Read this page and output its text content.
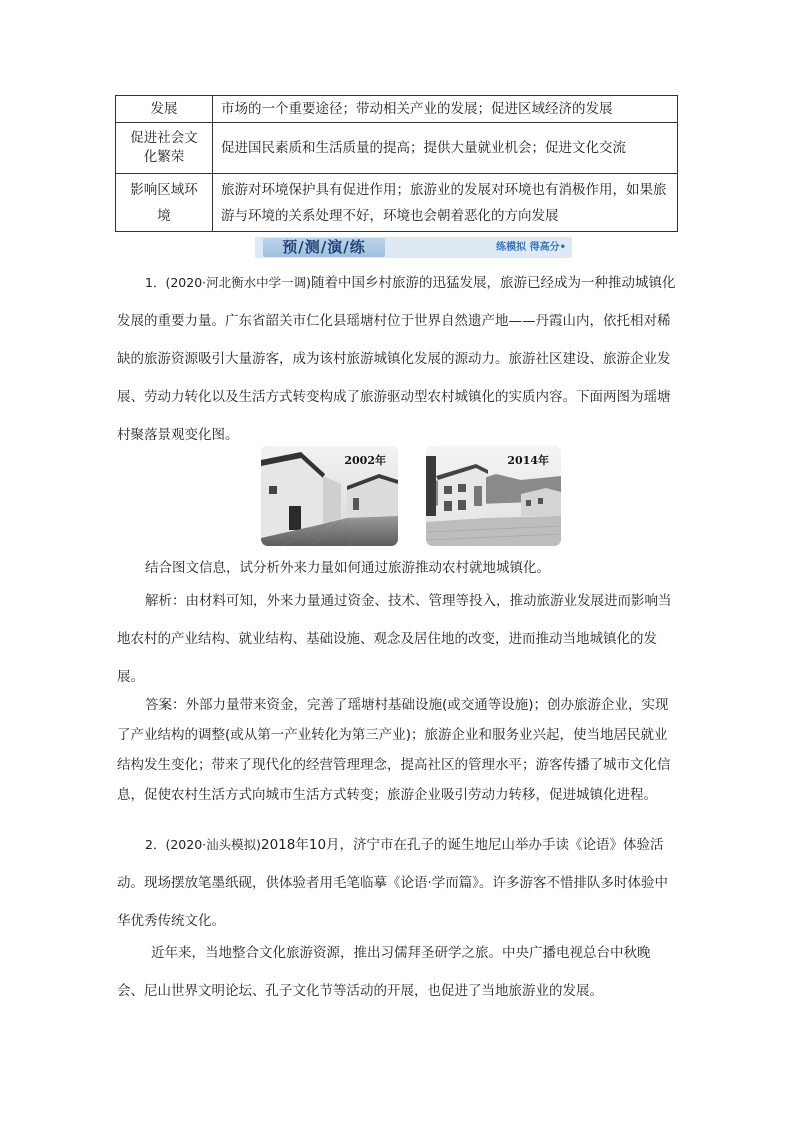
发展	市场的一个重要途径；带动相关产业的发展；促进区域经济的发展
促进社会文化繁荣	促进国民素质和生活质量的提高；提供大量就业机会；促进文化交流
影响区域环境	旅游对环境保护具有促进作用；旅游业的发展对环境也有消极作用，如果旅游与环境的关系处理不好，环境也会朝着恶化的方向发展
预/测/演/练	练模拟 得高分•
1．(2020·河北衡水中学一调)随着中国乡村旅游的迅猛发展，旅游已经成为一种推动城镇化发展的重要力量。广东省韶关市仁化县瑶塘村位于世界自然遗产地——丹霞山内，依托相对稀缺的旅游资源吸引大量游客，成为该村旅游城镇化发展的源动力。旅游社区建设、旅游企业发展、劳动力转化以及生活方式转变构成了旅游驱动型农村城镇化的实质内容。下面两图为瑶塘村聚落景观变化图。
2002年	2014年
结合图文信息，试分析外来力量如何通过旅游推动农村就地城镇化。
解析：由材料可知，外来力量通过资金、技术、管理等投入，推动旅游业发展进而影响当地农村的产业结构、就业结构、基础设施、观念及居住地的改变，进而推动当地城镇化的发展。
答案：外部力量带来资金，完善了瑶塘村基础设施(或交通等设施)；创办旅游企业，实现了产业结构的调整(或从第一产业转化为第三产业)；旅游企业和服务业兴起，使当地居民就业结构发生变化；带来了现代化的经营管理理念，提高社区的管理水平；游客传播了城市文化信息，促使农村生活方式向城市生活方式转变；旅游企业吸引劳动力转移，促进城镇化进程。
2．(2020·汕头模拟)2018年10月，济宁市在孔子的诞生地尼山举办手读《论语》体验活动。现场摆放笔墨纸砚，供体验者用毛笔临摹《论语·学而篇》。许多游客不惜排队多时体验中华优秀传统文化。
近年来，当地整合文化旅游资源，推出习儒拜圣研学之旅。中央广播电视总台中秋晚会、尼山世界文明论坛、孔子文化节等活动的开展，也促进了当地旅游业的发展。
